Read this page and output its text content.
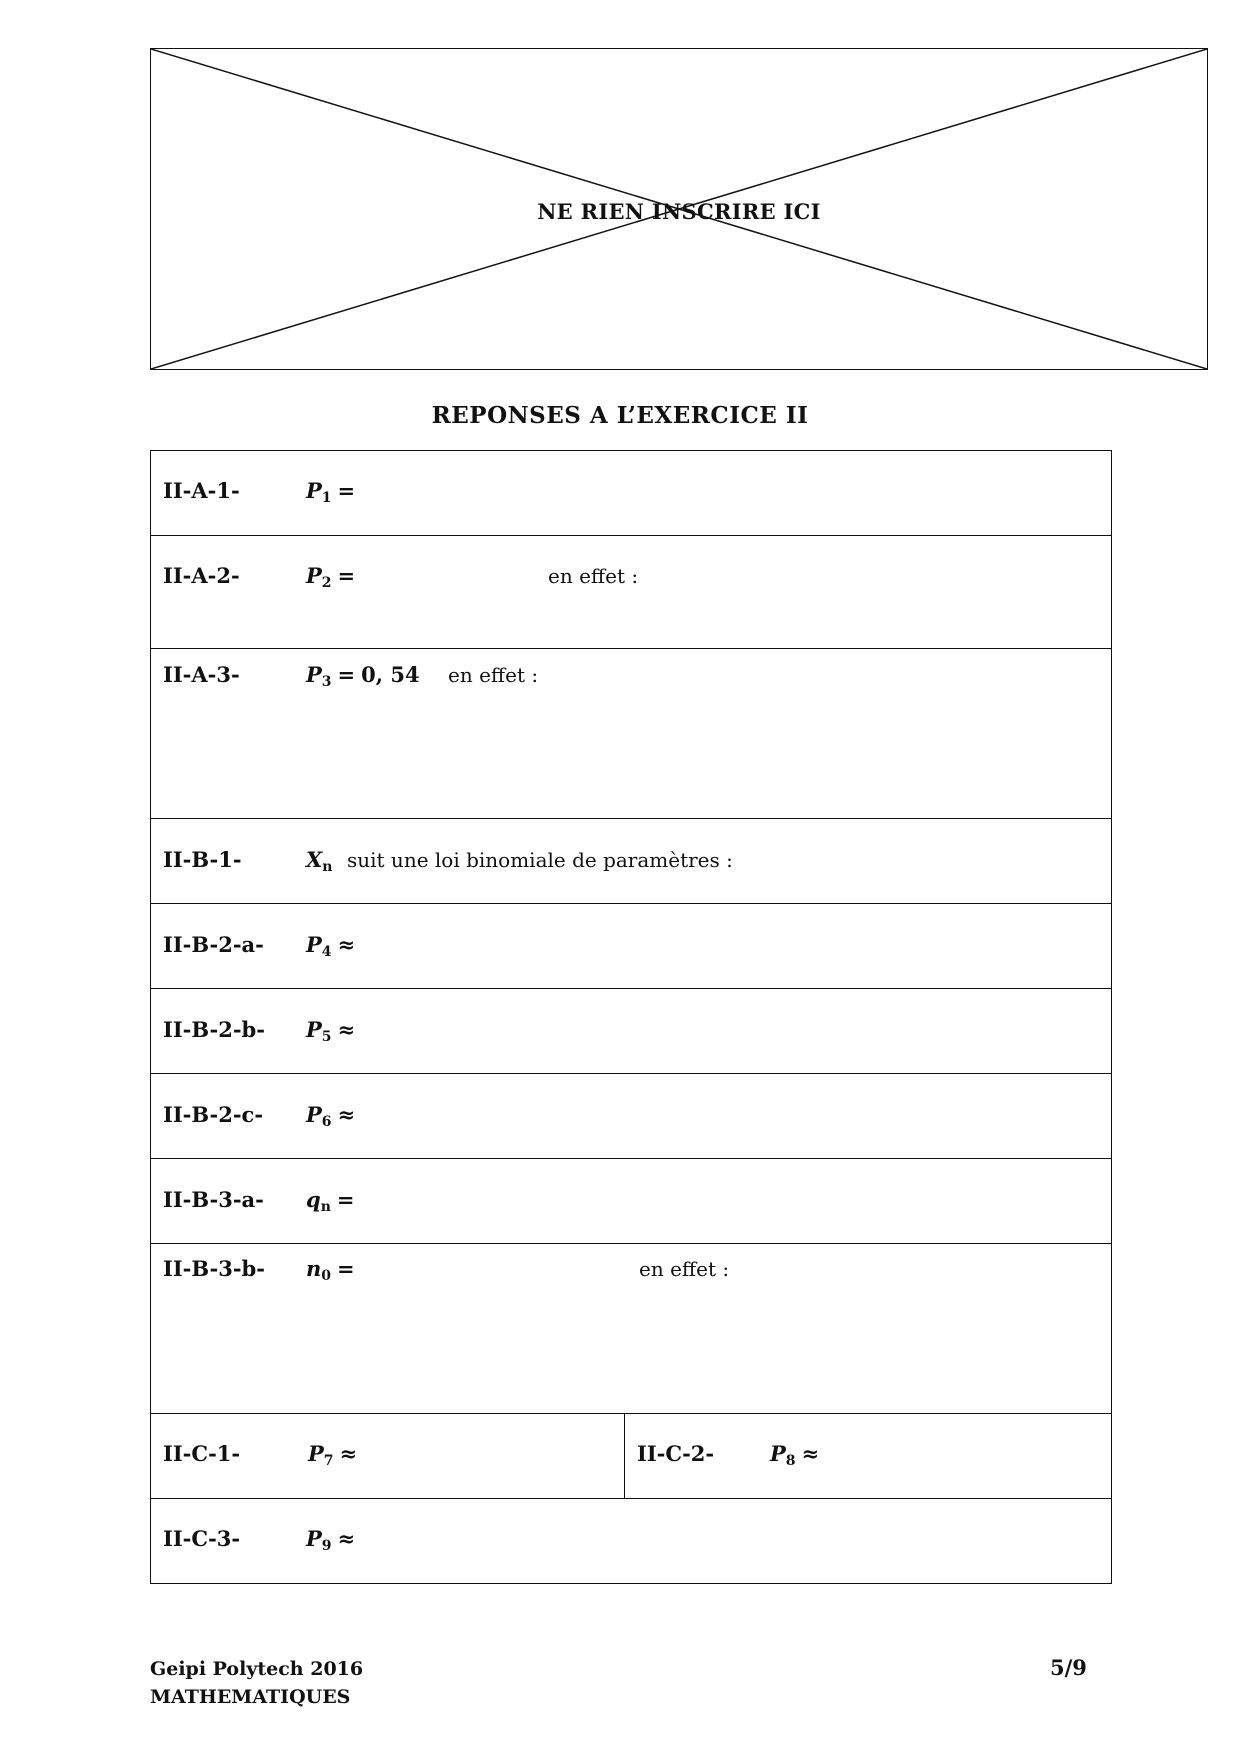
NE RIEN INSCRIRE ICI
REPONSES A L’EXERCICE II
II-A-1-	$P_1$ =
II-A-2-	$P_2$ =	en effet :
II-A-3-	$P_3 = 0$, 54 en effet :
II-B-1-	$X_n$ suit une loi binomiale de paramètres :
II-B-2-a- $P_4$ ≈
II-B-2-b- $P_5$ ≈
II-B-2-c- $P_6$ ≈
II-B-3-a- $q_n$ =
II-B-3-b- $n_0$ =	en effet :
II-C-1-	$P_7$ ≈	II-C-2-	$P_8$ ≈
II-C-3-	$P_9$ ≈
Geipi Polytech 2016
MATHEMATIQUES
5/9
